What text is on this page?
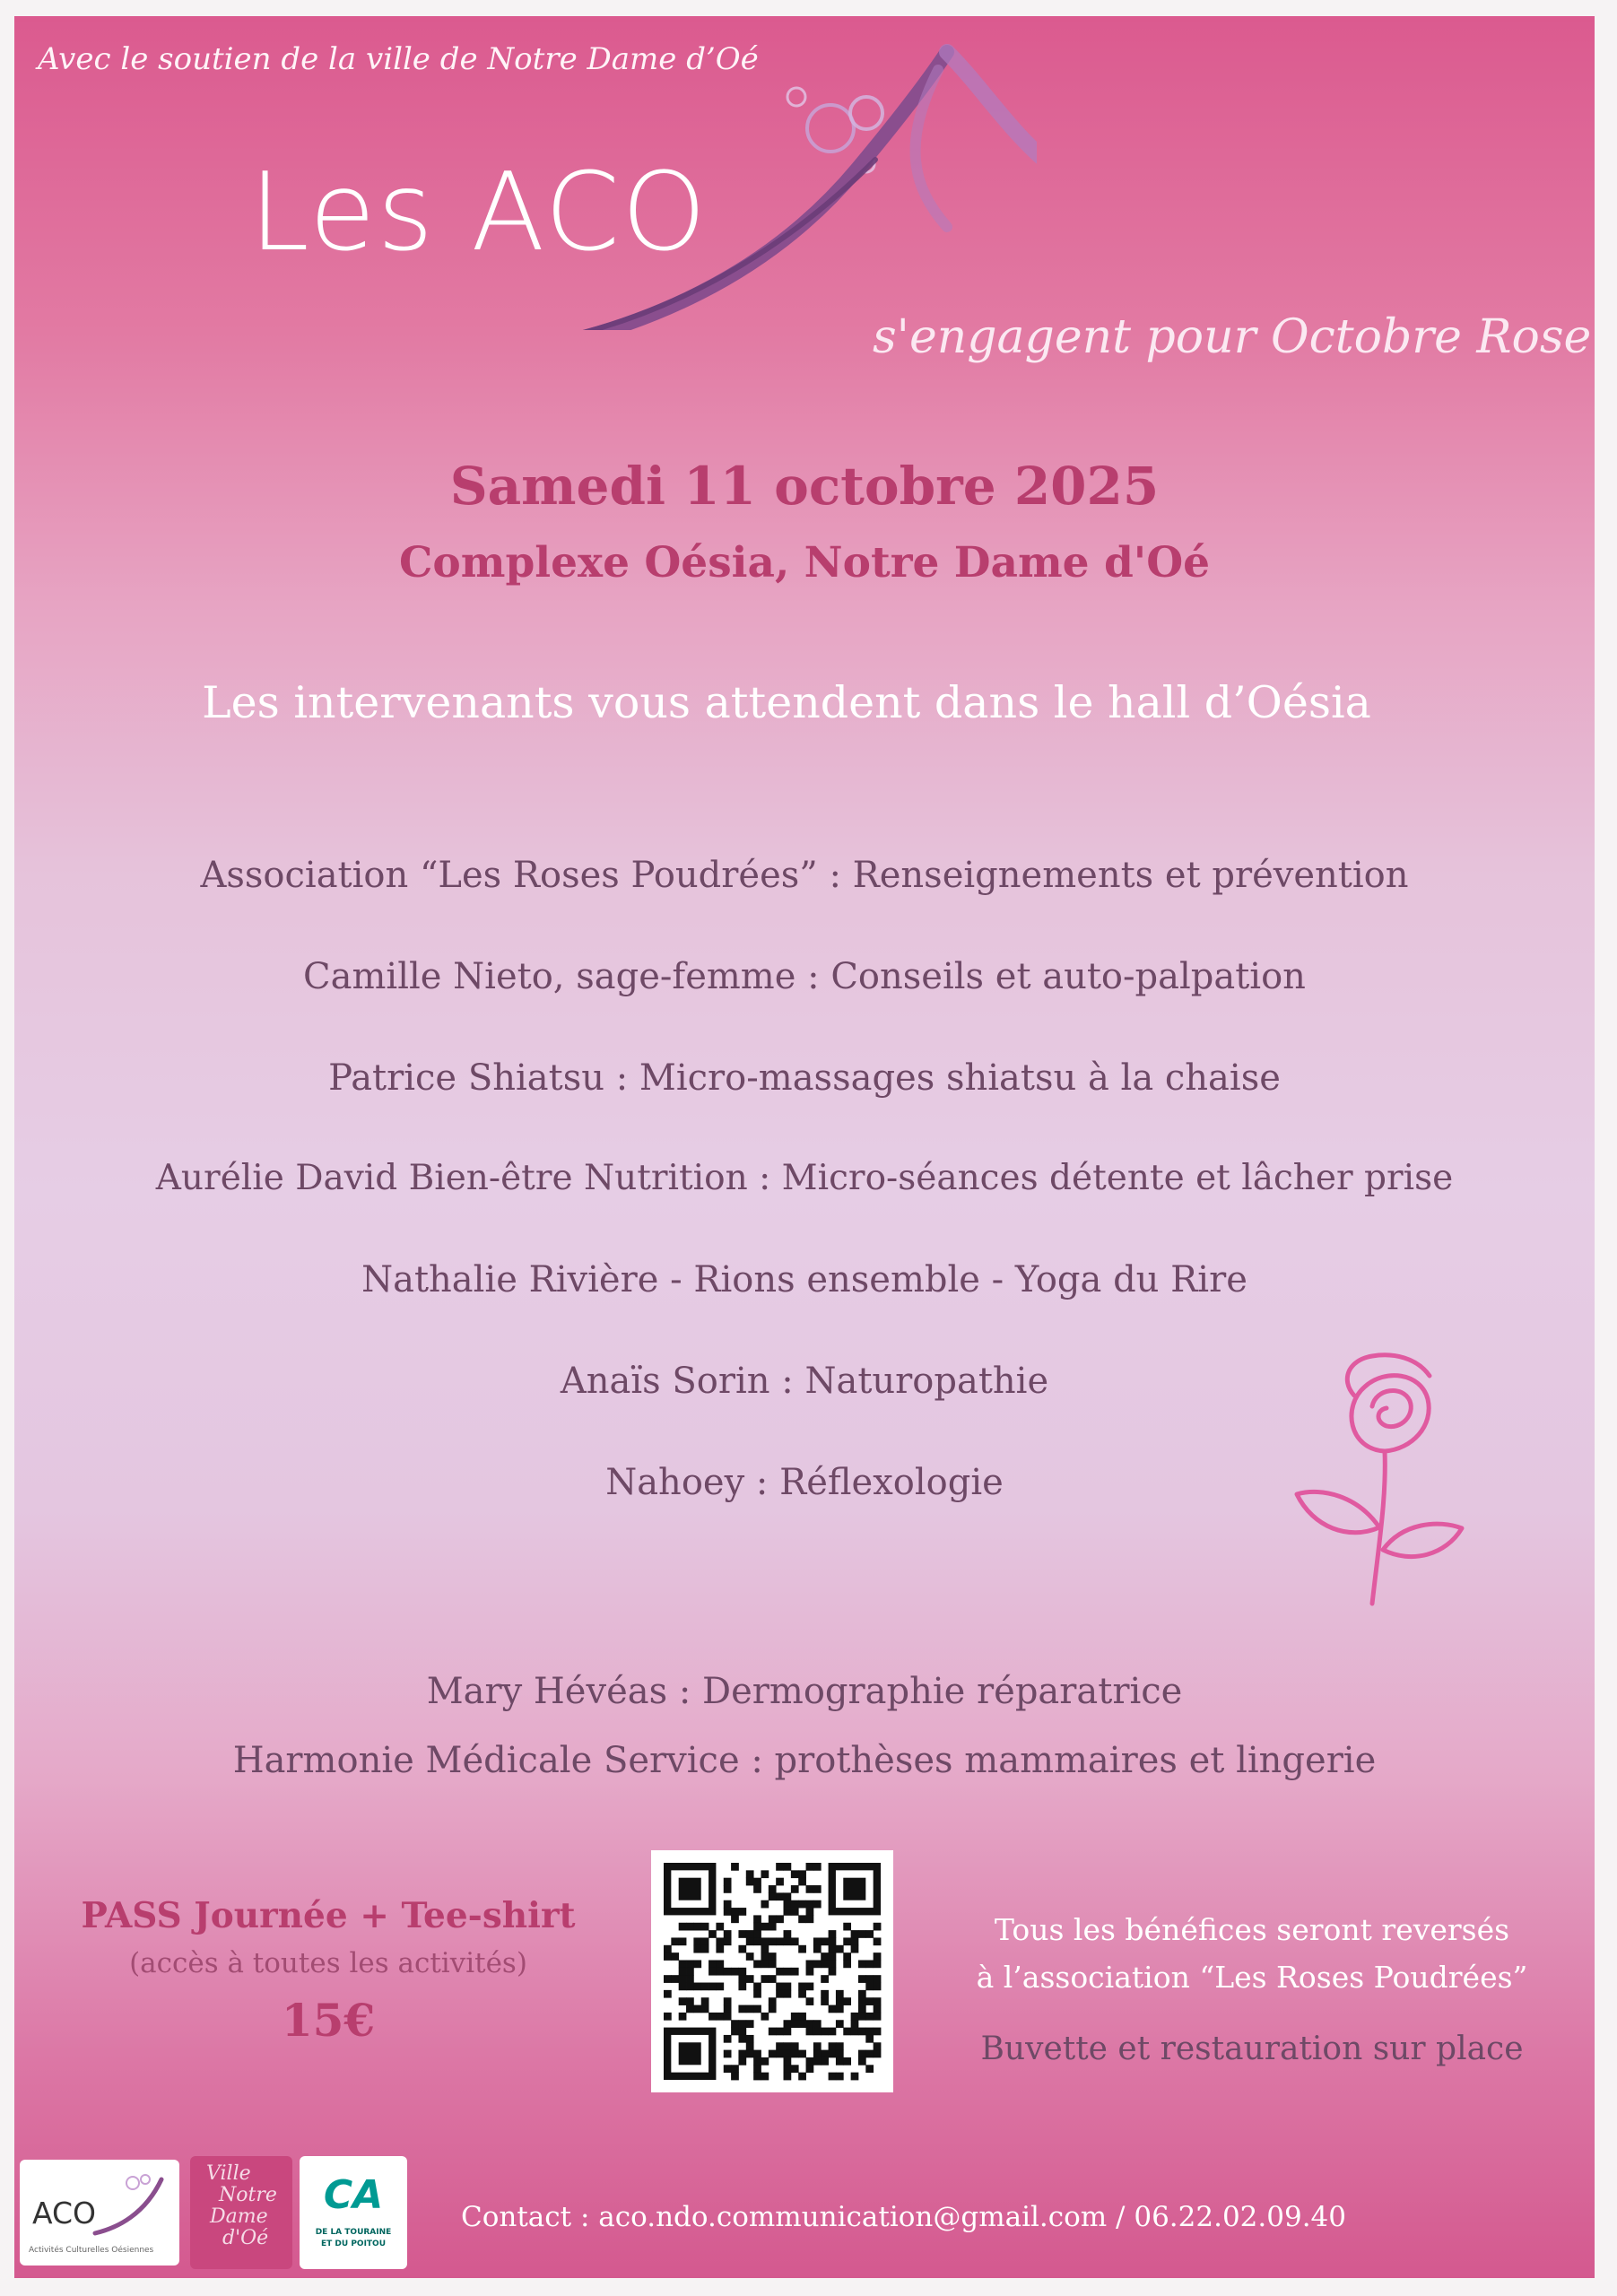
Avec le soutien de la ville de Notre Dame d’Oé
Les ACO
s'engagent pour Octobre Rose
Samedi 11 octobre 2025
Complexe Oésia, Notre Dame d'Oé
Les intervenants vous attendent dans le hall d’Oésia
Association “Les Roses Poudrées” : Renseignements et prévention
Camille Nieto, sage-femme : Conseils et auto-palpation
Patrice Shiatsu : Micro-massages shiatsu à la chaise
Aurélie David Bien-être Nutrition : Micro-séances détente et lâcher prise
Nathalie Rivière - Rions ensemble - Yoga du Rire
Anaïs Sorin : Naturopathie
Nahoey : Réflexologie
Mary Hévéas : Dermographie réparatrice
Harmonie Médicale Service : prothèses mammaires et lingerie
PASS Journée + Tee-shirt
(accès à toutes les activités)
15€
Tous les bénéfices seront reversés
à l’association “Les Roses Poudrées”
Buvette et restauration sur place
ACO
Activités Culturelles Oésiennes
Ville
Notre
Dame
d'Oé
CA
DE LA TOURAINE
ET DU POITOU
Contact : aco.ndo.communication@gmail.com / 06.22.02.09.40
